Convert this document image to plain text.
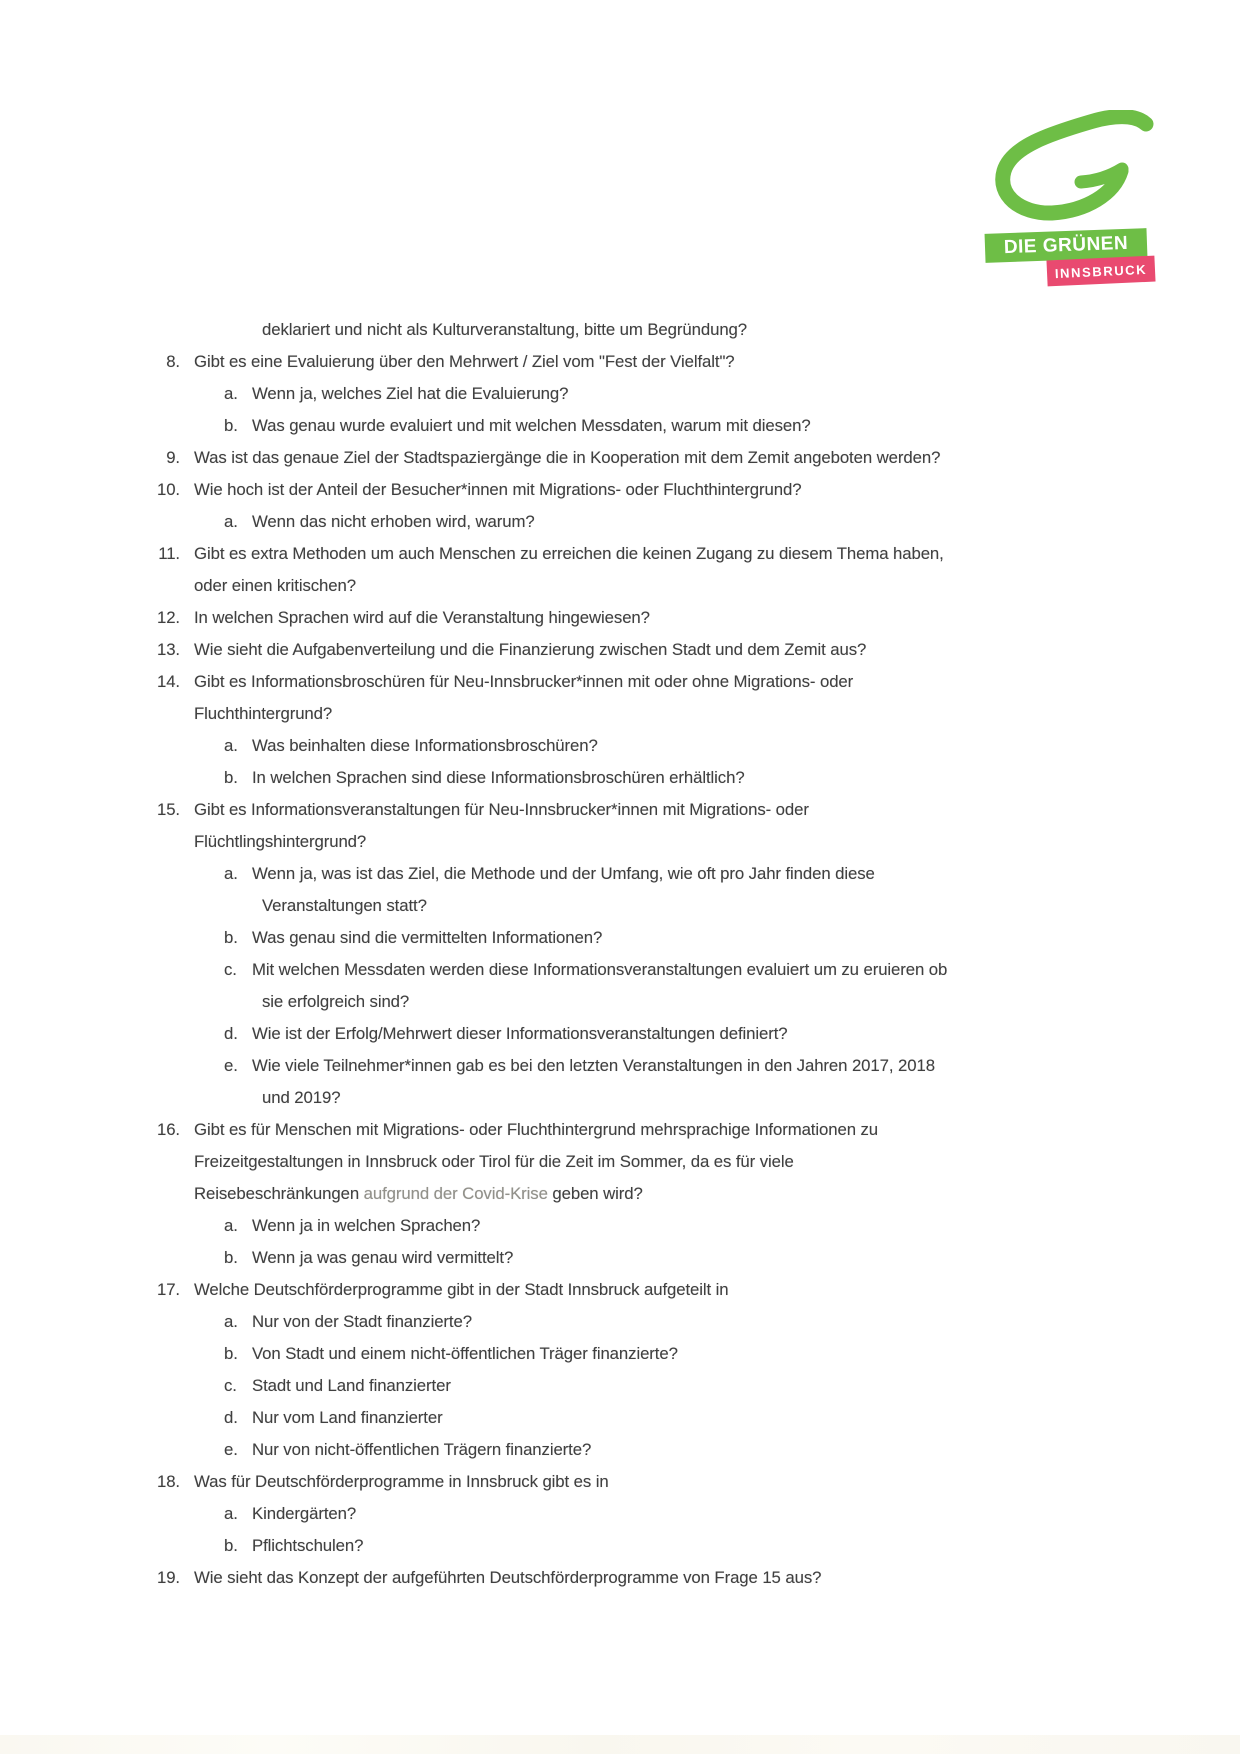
DIE GRÜNEN
INNSBRUCK
deklariert und nicht als Kulturveranstaltung, bitte um Begründung?
8. Gibt es eine Evaluierung über den Mehrwert / Ziel vom "Fest der Vielfalt"?
a. Wenn ja, welches Ziel hat die Evaluierung?
b. Was genau wurde evaluiert und mit welchen Messdaten, warum mit diesen?
9. Was ist das genaue Ziel der Stadtspaziergänge die in Kooperation mit dem Zemit angeboten werden?
10. Wie hoch ist der Anteil der Besucher*innen mit Migrations- oder Fluchthintergrund?
a. Wenn das nicht erhoben wird, warum?
11. Gibt es extra Methoden um auch Menschen zu erreichen die keinen Zugang zu diesem Thema haben,
oder einen kritischen?
12. In welchen Sprachen wird auf die Veranstaltung hingewiesen?
13. Wie sieht die Aufgabenverteilung und die Finanzierung zwischen Stadt und dem Zemit aus?
14. Gibt es Informationsbroschüren für Neu-Innsbrucker*innen mit oder ohne Migrations- oder
Fluchthintergrund?
a. Was beinhalten diese Informationsbroschüren?
b. In welchen Sprachen sind diese Informationsbroschüren erhältlich?
15. Gibt es Informationsveranstaltungen für Neu-Innsbrucker*innen mit Migrations- oder
Flüchtlingshintergrund?
a. Wenn ja, was ist das Ziel, die Methode und der Umfang, wie oft pro Jahr finden diese
Veranstaltungen statt?
b. Was genau sind die vermittelten Informationen?
c. Mit welchen Messdaten werden diese Informationsveranstaltungen evaluiert um zu eruieren ob
sie erfolgreich sind?
d. Wie ist der Erfolg/Mehrwert dieser Informationsveranstaltungen definiert?
e. Wie viele Teilnehmer*innen gab es bei den letzten Veranstaltungen in den Jahren 2017, 2018
und 2019?
16. Gibt es für Menschen mit Migrations- oder Fluchthintergrund mehrsprachige Informationen zu
Freizeitgestaltungen in Innsbruck oder Tirol für die Zeit im Sommer, da es für viele
Reisebeschränkungen aufgrund der Covid-Krise geben wird?
a. Wenn ja in welchen Sprachen?
b. Wenn ja was genau wird vermittelt?
17. Welche Deutschförderprogramme gibt in der Stadt Innsbruck aufgeteilt in
a. Nur von der Stadt finanzierte?
b. Von Stadt und einem nicht-öffentlichen Träger finanzierte?
c. Stadt und Land finanzierter
d. Nur vom Land finanzierter
e. Nur von nicht-öffentlichen Trägern finanzierte?
18. Was für Deutschförderprogramme in Innsbruck gibt es in
a. Kindergärten?
b. Pflichtschulen?
19. Wie sieht das Konzept der aufgeführten Deutschförderprogramme von Frage 15 aus?
